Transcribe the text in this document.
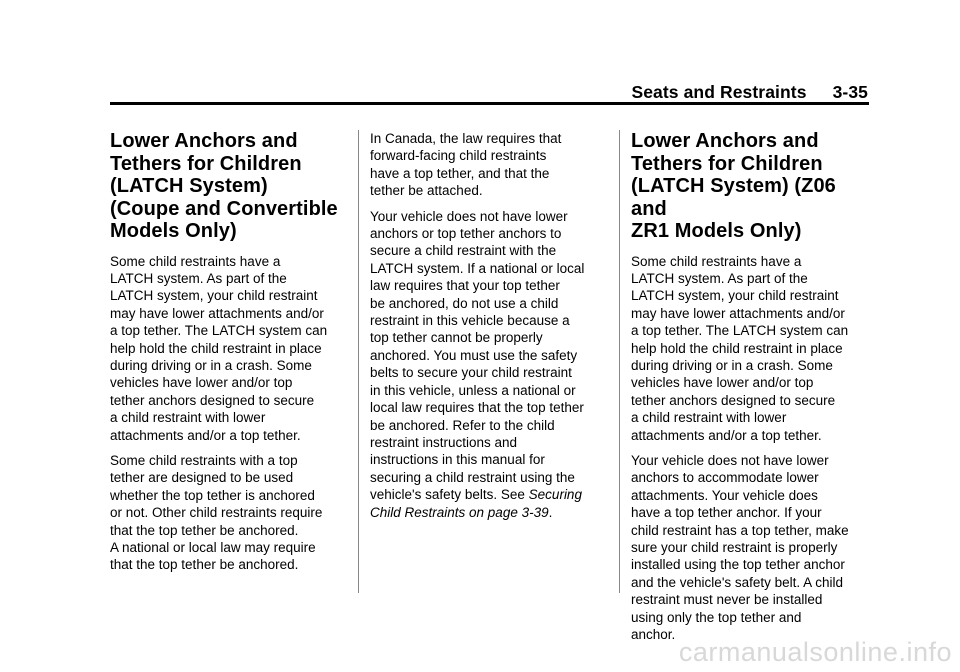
Seats and Restraints 3-35
Lower Anchors and
Tethers for Children
(LATCH System)
(Coupe and Convertible
Models Only)

Some child restraints have a
LATCH system. As part of the
LATCH system, your child restraint
may have lower attachments and/or
a top tether. The LATCH system can
help hold the child restraint in place
during driving or in a crash. Some
vehicles have lower and/or top
tether anchors designed to secure
a child restraint with lower
attachments and/or a top tether.

Some child restraints with a top
tether are designed to be used
whether the top tether is anchored
or not. Other child restraints require
that the top tether be anchored.
A national or local law may require
that the top tether be anchored.

In Canada, the law requires that
forward-facing child restraints
have a top tether, and that the
tether be attached.

Your vehicle does not have lower
anchors or top tether anchors to
secure a child restraint with the
LATCH system. If a national or local
law requires that your top tether
be anchored, do not use a child
restraint in this vehicle because a
top tether cannot be properly
anchored. You must use the safety
belts to secure your child restraint
in this vehicle, unless a national or
local law requires that the top tether
be anchored. Refer to the child
restraint instructions and
instructions in this manual for
securing a child restraint using the
vehicle's safety belts. See Securing
Child Restraints on page 3-39.

Lower Anchors and
Tethers for Children
(LATCH System) (Z06 and
ZR1 Models Only)

Some child restraints have a
LATCH system. As part of the
LATCH system, your child restraint
may have lower attachments and/or
a top tether. The LATCH system can
help hold the child restraint in place
during driving or in a crash. Some
vehicles have lower and/or top
tether anchors designed to secure
a child restraint with lower
attachments and/or a top tether.

Your vehicle does not have lower
anchors to accommodate lower
attachments. Your vehicle does
have a top tether anchor. If your
child restraint has a top tether, make
sure your child restraint is properly
installed using the top tether anchor
and the vehicle's safety belt. A child
restraint must never be installed
using only the top tether and
anchor.

carmanualsonline.info
